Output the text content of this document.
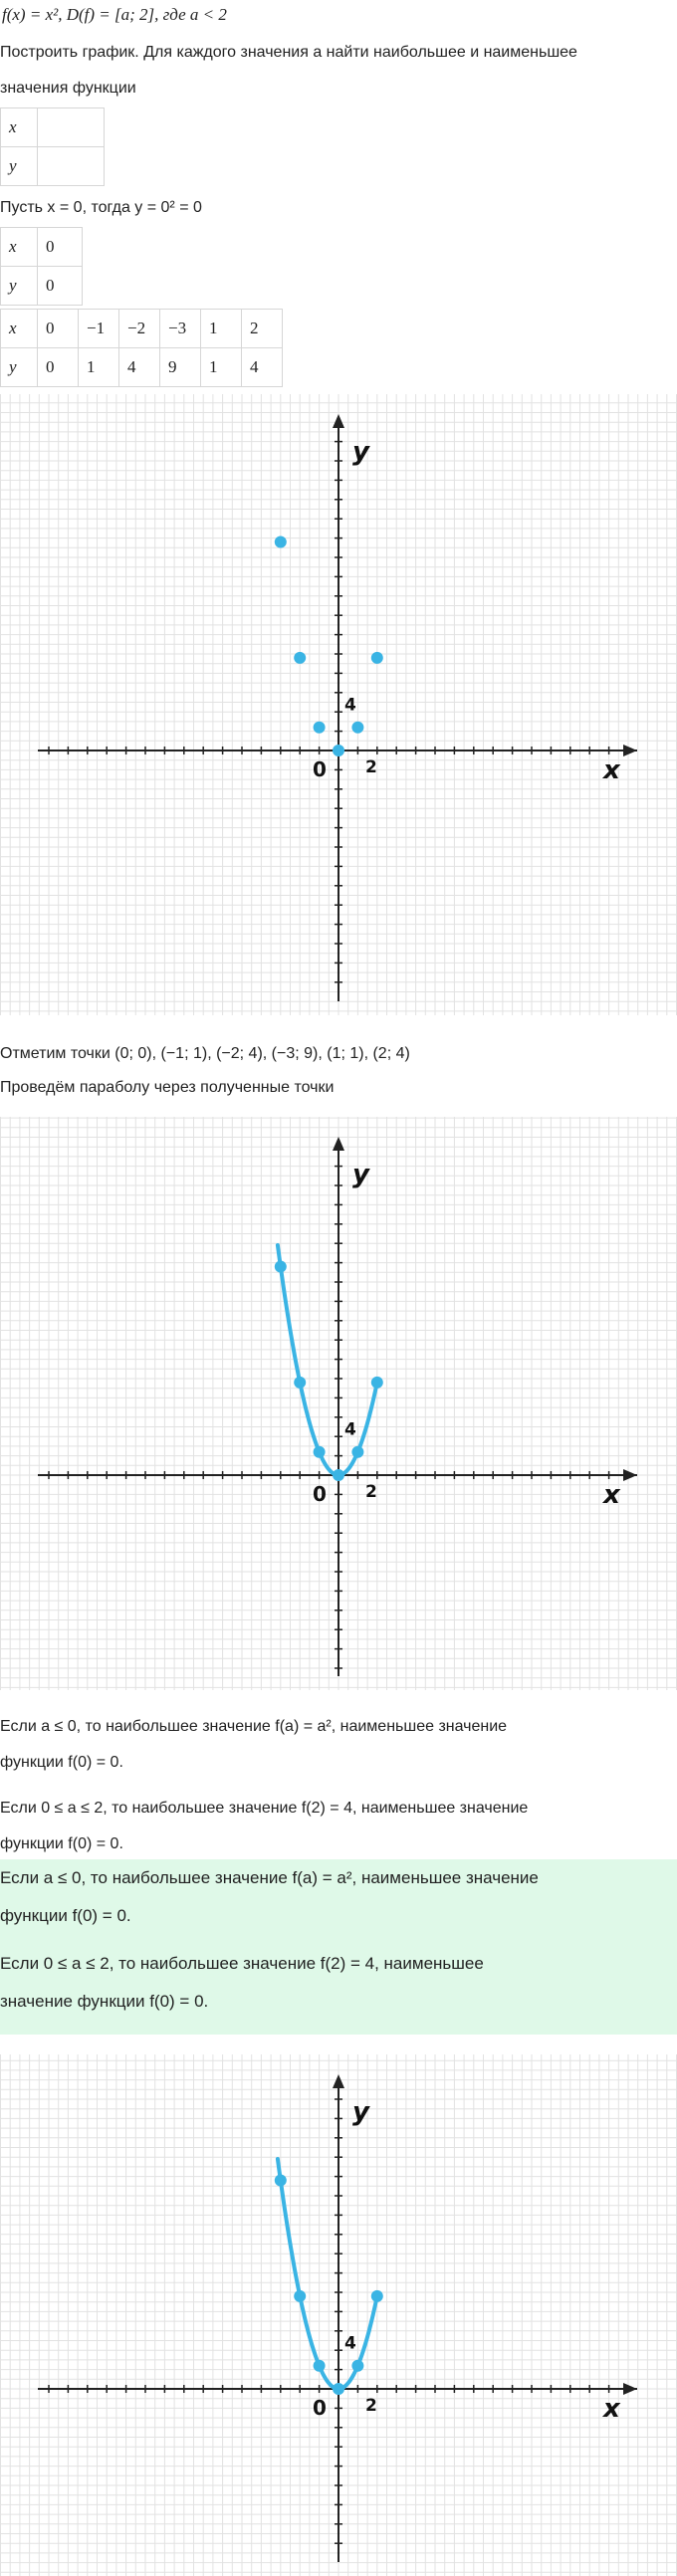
f(x) = x², D(f) = [a; 2], где a < 2
Построить график. Для каждого значения a найти наибольшее и наименьшее
значения функции
x	
y	
Пусть x = 0, тогда y = 0² = 0
x	0
y	0
x	0	−1	−2	−3	1	2
y	0	1	4	9	1	4
x
y
0 2
4
Отметим точки (0; 0), (−1; 1), (−2; 4), (−3; 9), (1; 1), (2; 4)
Проведём параболу через полученные точки
x
y
0 2
4
Если a ≤ 0, то наибольшее значение f(a) = a², наименьшее значение
функции f(0) = 0.
Если 0 ≤ a ≤ 2, то наибольшее значение f(2) = 4, наименьшее значение
функции f(0) = 0.
Если a ≤ 0, то наибольшее значение f(a) = a², наименьшее значение
функции f(0) = 0.
Если 0 ≤ a ≤ 2, то наибольшее значение f(2) = 4, наименьшее
значение функции f(0) = 0.
x
y
0 2
4
